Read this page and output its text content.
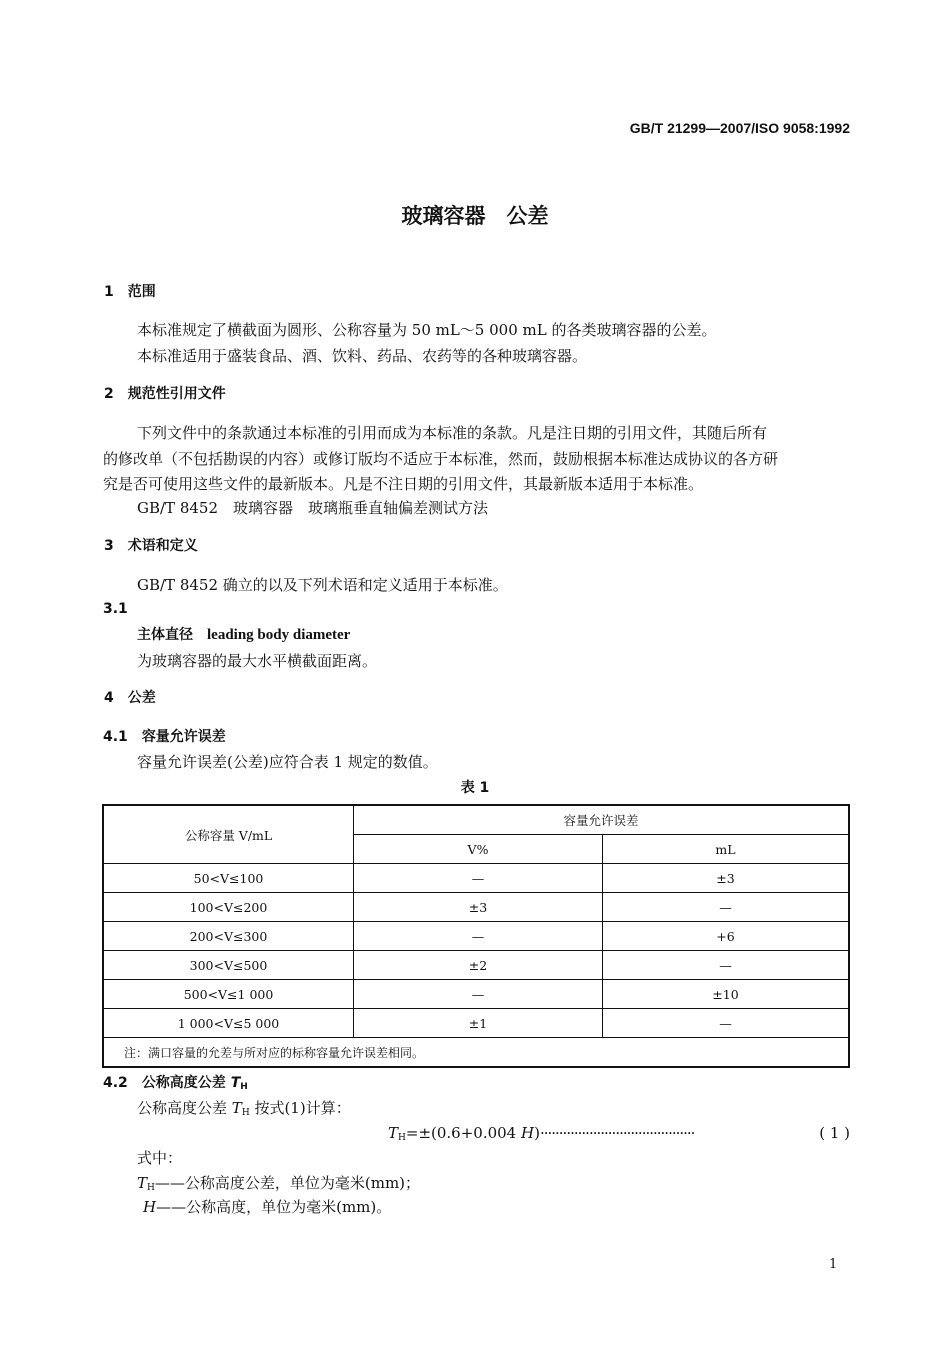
GB/T 21299—2007/ISO 9058:1992
玻璃容器　公差
1　 范围
本标准规定了横截面为圆形、公称容量为 50 mL～5 000 mL 的各类玻璃容器的公差。
本标准适用于盛装食品、酒、饮料、药品、农药等的各种玻璃容器。
2　 规范性引用文件
下列文件中的条款通过本标准的引用而成为本标准的条款。凡是注日期的引用文件，其随后所有
的修改单（不包括勘误的内容）或修订版均不适应于本标准，然而，鼓励根据本标准达成协议的各方研
究是否可使用这些文件的最新版本。凡是不注日期的引用文件，其最新版本适用于本标准。
GB/T 8452　玻璃容器　玻璃瓶垂直轴偏差测试方法
3　 术语和定义
GB/T 8452 确立的以及下列术语和定义适用于本标准。
3.1
主体直径　 leading body diameter
为玻璃容器的最大水平横截面距离。
4　 公差
4.1　 容量允许误差
容量允许误差(公差)应符合表 1 规定的数值。
表 1
公称容量 V/mL	容量允许误差	
	V%	mL
50<V≤100	—	±3
100<V≤200	±3	—
200<V≤300	—	+6
300<V≤500	±2	—
500<V≤1 000	—	±10
1 000<V≤5 000	±1	—
注：满口容量的允差与所对应的标称容量允许误差相同。		
4.2　 公称高度公差 $T_H$
公称高度公差 $T_H$ 按式(1)计算：
$T_H=\pm(0.6+0.004$ H)·········································	( 1 )
式中：
$T_H——$公称高度公差，单位为毫米(mm)；
H——公称高度，单位为毫米(mm)。
1
